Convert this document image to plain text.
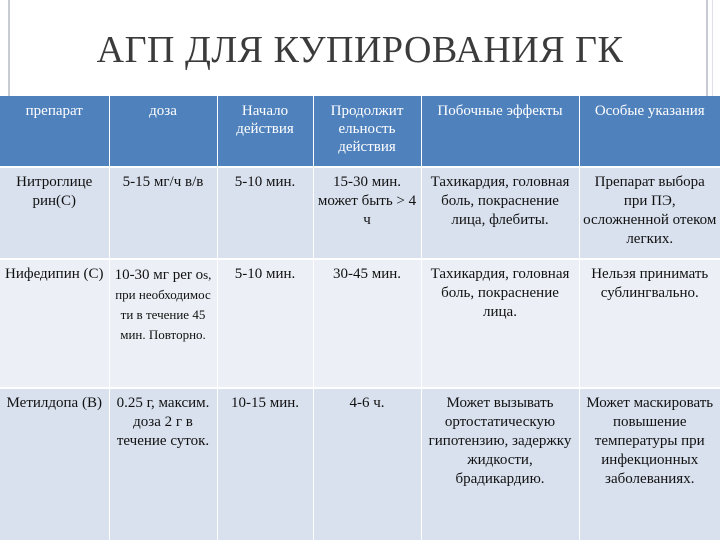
АГП ДЛЯ КУПИРОВАНИЯ ГК
препарат	доза	Начало действия	Продолжит ельность действия	Побочные эффекты	Особые указания
Нитроглице рин(С)	5-15 мг/ч в/в	5-10 мин.	15-30 мин. может быть > 4 ч	Тахикардия, головная боль, покраснение лица, флебиты.	Препарат выбора при ПЭ, осложненной отеком легких.
Нифедипин (С)	10-30 мг per os, при необходимос ти в течение 45 мин. Повторно.	5-10 мин.	30-45 мин.	Тахикардия, головная боль, покраснение лица.	Нельзя принимать сублингвально.
Метилдопа (В)	0.25 г, максим. доза 2 г в течение суток.	10-15 мин.	4-6 ч.	Может вызывать ортостатическую гипотензию, задержку жидкости, брадикардию.	Может маскировать повышение температуры при инфекционных заболеваниях.
